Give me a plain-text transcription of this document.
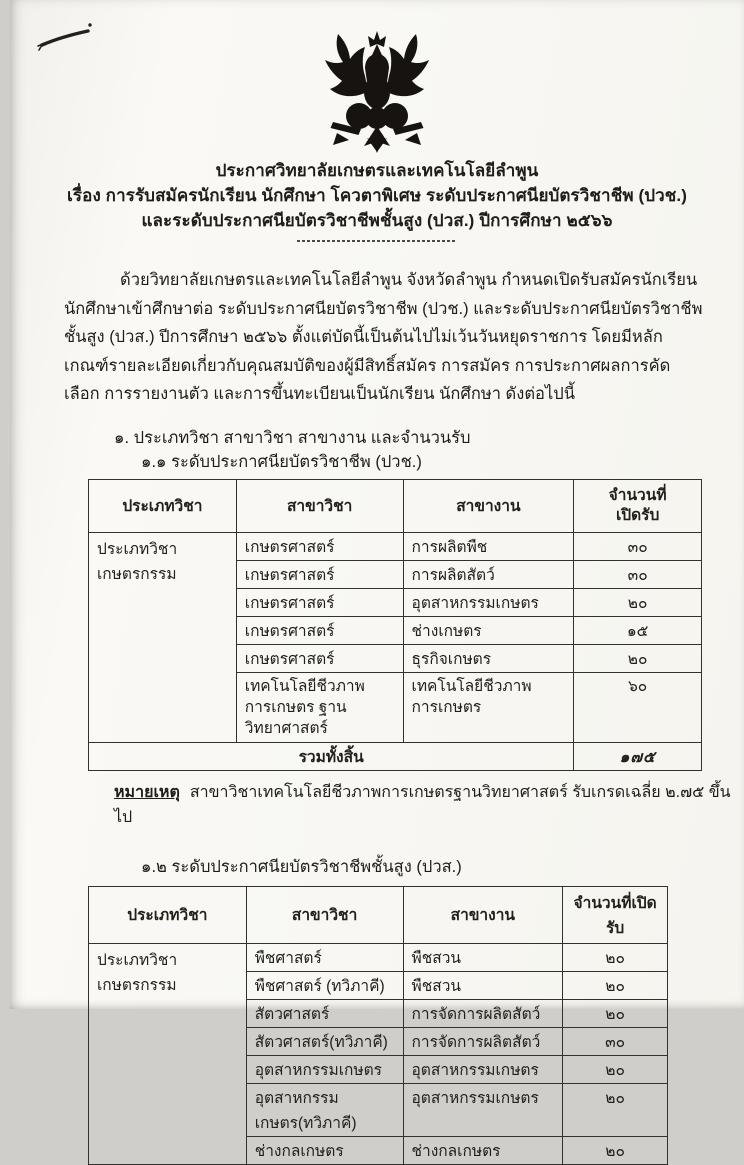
ประกาศวิทยาลัยเกษตรและเทคโนโลยีลำพูน
เรื่อง การรับสมัครนักเรียน นักศึกษา โควตาพิเศษ ระดับประกาศนียบัตรวิชาชีพ (ปวช.)
และระดับประกาศนียบัตรวิชาชีพชั้นสูง (ปวส.) ปีการศึกษา ๒๕๖๖

ด้วยวิทยาลัยเกษตรและเทคโนโลยีลำพูน จังหวัดลำพูน กำหนดเปิดรับสมัครนักเรียน นักศึกษาเข้าศึกษาต่อ ระดับประกาศนียบัตรวิชาชีพ (ปวช.) และระดับประกาศนียบัตรวิชาชีพชั้นสูง (ปวส.) ปีการศึกษา ๒๕๖๖ ตั้งแต่บัดนี้เป็นต้นไปไม่เว้นวันหยุดราชการ โดยมีหลักเกณฑ์รายละเอียดเกี่ยวกับคุณสมบัติของผู้มีสิทธิ์สมัคร การสมัคร การประกาศผลการคัดเลือก การรายงานตัว และการขึ้นทะเบียนเป็นนักเรียน นักศึกษา ดังต่อไปนี้

๑. ประเภทวิชา สาขาวิชา สาขางาน และจำนวนรับ
๑.๑ ระดับประกาศนียบัตรวิชาชีพ (ปวช.)
ประเภทวิชา	สาขาวิชา	สาขางาน	จำนวนที่
เปิดรับ

ประเภทวิชาเกษตรกรรม	เกษตรศาสตร์	การผลิตพืช	๓๐
	เกษตรศาสตร์	การผลิตสัตว์	๓๐
	เกษตรศาสตร์	อุตสาหกรรมเกษตร	๒๐
	เกษตรศาสตร์	ช่างเกษตร	๑๕
	เกษตรศาสตร์	ธุรกิจเกษตร	๒๐
	เทคโนโลยีชีวภาพการเกษตร ฐานวิทยาศาสตร์	เทคโนโลยีชีวภาพการเกษตร	๖๐
รวมทั้งสิ้น			๑๗๕
หมายเหตุ สาขาวิชาเทคโนโลยีชีวภาพการเกษตรฐานวิทยาศาสตร์ รับเกรดเฉลี่ย ๒.๗๕ ขึ้นไป
๑.๒ ระดับประกาศนียบัตรวิชาชีพชั้นสูง (ปวส.)
ประเภทวิชา	สาขาวิชา	สาขางาน	จำนวนที่เปิดรับ
ประเภทวิชาเกษตรกรรม	พืชศาสตร์	พืชสวน	๒๐
	พืชศาสตร์ (ทวิภาคี)	พืชสวน	๒๐
	สัตวศาสตร์	การจัดการผลิตสัตว์	๒๐
	สัตวศาสตร์(ทวิภาคี)	การจัดการผลิตสัตว์	๓๐
	อุตสาหกรรมเกษตร	อุตสาหกรรมเกษตร	๒๐
	อุตสาหกรรมเกษตร(ทวิภาคี)	อุตสาหกรรมเกษตร	๒๐
	ช่างกลเกษตร	ช่างกลเกษตร	๒๐
